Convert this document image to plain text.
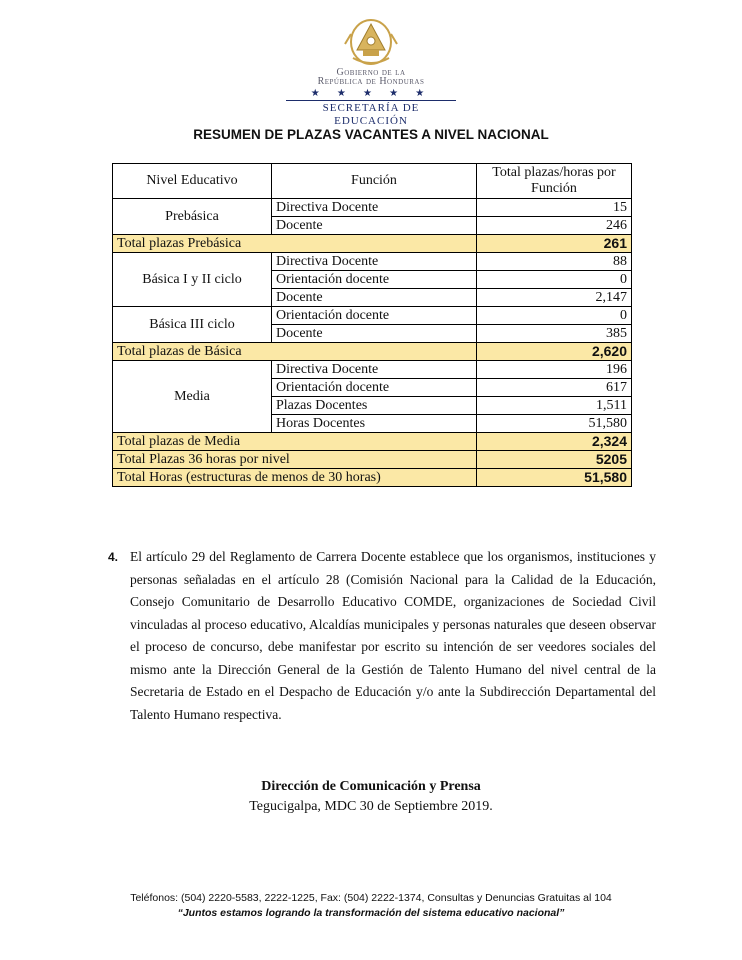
Gobierno de la
República de Honduras
★ ★ ★ ★ ★
SECRETARÍA DE EDUCACIÓN
RESUMEN DE PLAZAS VACANTES A NIVEL NACIONAL
Nivel Educativo	Función	Total plazas/horas por Función
Prebásica	Directiva Docente	15
	Docente	246
Total plazas Prebásica		261
Básica I y II ciclo	Directiva Docente	88
	Orientación docente	0
	Docente	2,147
Básica III ciclo	Orientación docente	0
	Docente	385
Total plazas de Básica		2,620
Media	Directiva Docente	196
	Orientación docente	617
	Plazas Docentes	1,511
	Horas Docentes	51,580
Total plazas de Media		2,324
Total Plazas 36 horas por nivel		5205
Total Horas (estructuras de menos de 30 horas)		51,580
4. El artículo 29 del Reglamento de Carrera Docente establece que los organismos, instituciones y personas señaladas en el artículo 28 (Comisión Nacional para la Calidad de la Educación, Consejo Comunitario de Desarrollo Educativo COMDE, organizaciones de Sociedad Civil vinculadas al proceso educativo, Alcaldías municipales y personas naturales que deseen observar el proceso de concurso, debe manifestar por escrito su intención de ser veedores sociales del mismo ante la Dirección General de la Gestión de Talento Humano del nivel central de la Secretaria de Estado en el Despacho de Educación y/o ante la Subdirección Departamental del Talento Humano respectiva.
Dirección de Comunicación y Prensa
Tegucigalpa, MDC 30 de Septiembre 2019.
Teléfonos: (504) 2220-5583, 2222-1225, Fax: (504) 2222-1374, Consultas y Denuncias Gratuitas al 104
“Juntos estamos logrando la transformación del sistema educativo nacional”
